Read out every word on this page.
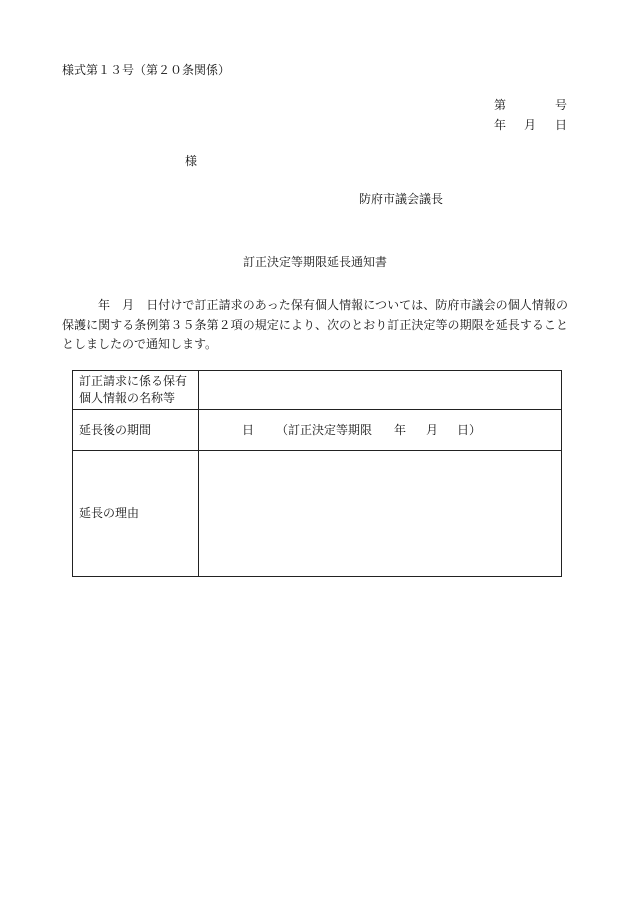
様式第１３号（第２０条関係）
第	号
年 月 日
様
防府市議会議長
訂正決定等期限延長通知書
年　月　日付けで訂正請求のあった保有個人情報については、防府市議会の個人情報の保護に関する条例第３５条第２項の規定により、次のとおり訂正決定等の期限を延長することとしましたので通知します。
訂正請求に係る保有個人情報の名称等	
延長後の期間	日 （訂正決定等期限 年 月 日）

延長の理由	
